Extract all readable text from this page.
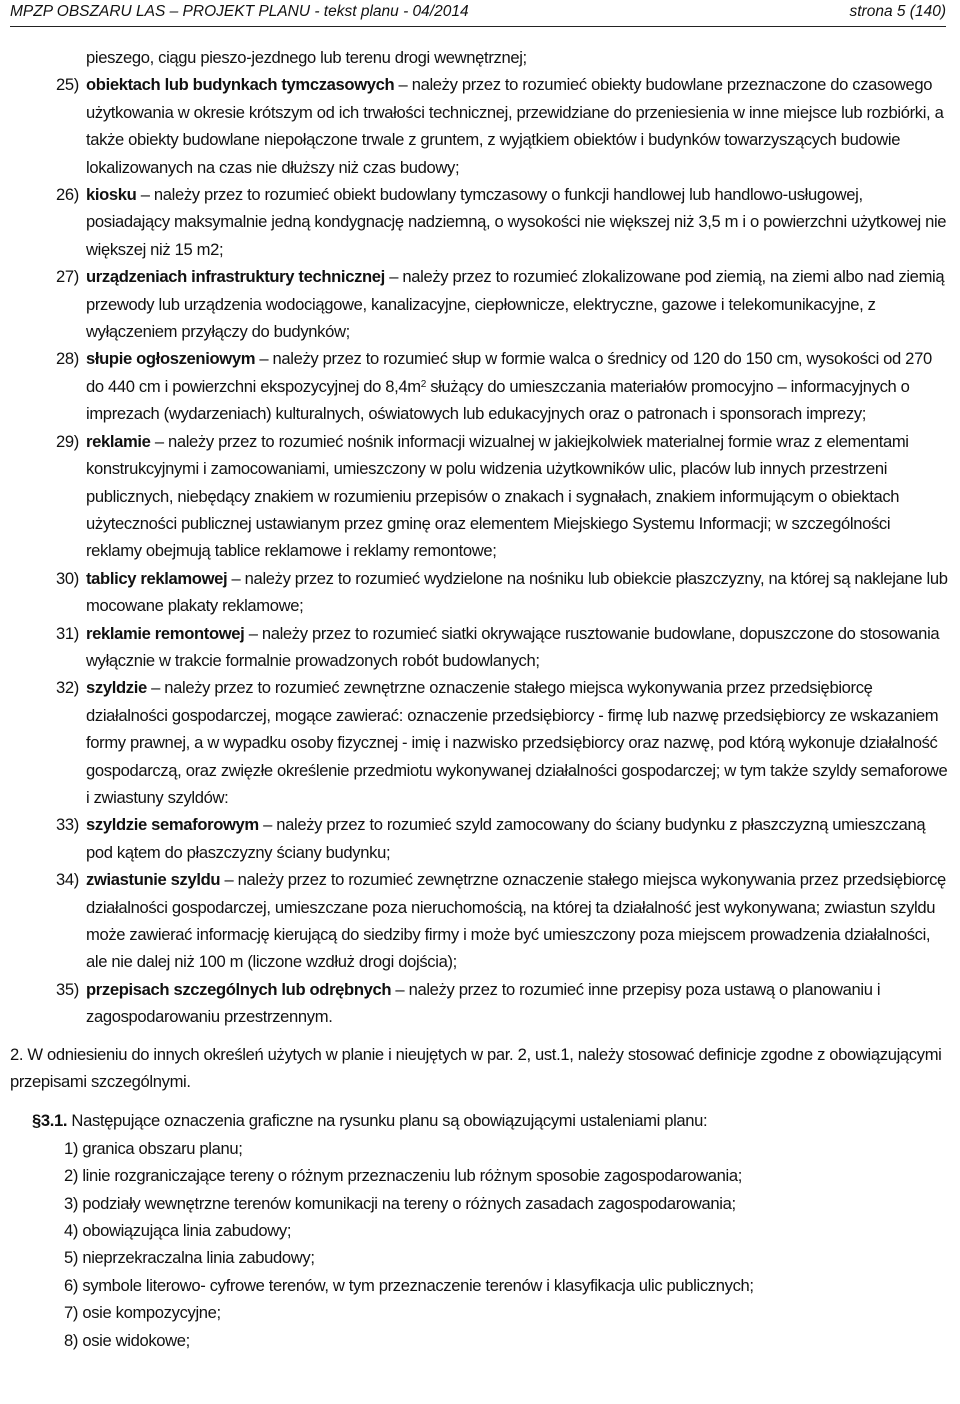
MPZP OBSZARU LAS – PROJEKT PLANU - tekst planu - 04/2014	strona 5 (140)
pieszego, ciągu pieszo-jezdnego lub terenu drogi wewnętrznej;
25) obiektach lub budynkach tymczasowych – należy przez to rozumieć obiekty budowlane przeznaczone do czasowego użytkowania w okresie krótszym od ich trwałości technicznej, przewidziane do przeniesienia w inne miejsce lub rozbiórki, a także obiekty budowlane niepołączone trwale z gruntem, z wyjątkiem obiektów i budynków towarzyszących budowie lokalizowanych na czas nie dłuższy niż czas budowy;
26) kiosku – należy przez to rozumieć obiekt budowlany tymczasowy o funkcji handlowej lub handlowo-usługowej, posiadający maksymalnie jedną kondygnację nadziemną, o wysokości nie większej niż 3,5 m i o powierzchni użytkowej nie większej niż 15 m2;
27) urządzeniach infrastruktury technicznej – należy przez to rozumieć zlokalizowane pod ziemią, na ziemi albo nad ziemią przewody lub urządzenia wodociągowe, kanalizacyjne, ciepłownicze, elektryczne, gazowe i telekomunikacyjne, z wyłączeniem przyłączy do budynków;
28) słupie ogłoszeniowym – należy przez to rozumieć słup w formie walca o średnicy od 120 do 150 cm, wysokości od 270 do 440 cm i powierzchni ekspozycyjnej do $8,4m^2$ służący do umieszczania materiałów promocyjno – informacyjnych o imprezach (wydarzeniach) kulturalnych, oświatowych lub edukacyjnych oraz o patronach i sponsorach imprezy;
29) reklamie – należy przez to rozumieć nośnik informacji wizualnej w jakiejkolwiek materialnej formie wraz z elementami konstrukcyjnymi i zamocowaniami, umieszczony w polu widzenia użytkowników ulic, placów lub innych przestrzeni publicznych, niebędący znakiem w rozumieniu przepisów o znakach i sygnałach, znakiem informującym o obiektach użyteczności publicznej ustawianym przez gminę oraz elementem Miejskiego Systemu Informacji; w szczególności reklamy obejmują tablice reklamowe i reklamy remontowe;
30) tablicy reklamowej – należy przez to rozumieć wydzielone na nośniku lub obiekcie płaszczyzny, na której są naklejane lub mocowane plakaty reklamowe;
31) reklamie remontowej – należy przez to rozumieć siatki okrywające rusztowanie budowlane, dopuszczone do stosowania wyłącznie w trakcie formalnie prowadzonych robót budowlanych;
32) szyldzie – należy przez to rozumieć zewnętrzne oznaczenie stałego miejsca wykonywania przez przedsiębiorcę działalności gospodarczej, mogące zawierać: oznaczenie przedsiębiorcy - firmę lub nazwę przedsiębiorcy ze wskazaniem formy prawnej, a w wypadku osoby fizycznej - imię i nazwisko przedsiębiorcy oraz nazwę, pod którą wykonuje działalność gospodarczą, oraz zwięzłe określenie przedmiotu wykonywanej działalności gospodarczej; w tym także szyldy semaforowe i zwiastuny szyldów:
33) szyldzie semaforowym – należy przez to rozumieć szyld zamocowany do ściany budynku z płaszczyzną umieszczaną pod kątem do płaszczyzny ściany budynku;
34) zwiastunie szyldu – należy przez to rozumieć zewnętrzne oznaczenie stałego miejsca wykonywania przez przedsiębiorcę działalności gospodarczej, umieszczane poza nieruchomością, na której ta działalność jest wykonywana; zwiastun szyldu może zawierać informację kierującą do siedziby firmy i może być umieszczony poza miejscem prowadzenia działalności, ale nie dalej niż 100 m (liczone wzdłuż drogi dojścia);
35) przepisach szczególnych lub odrębnych – należy przez to rozumieć inne przepisy poza ustawą o planowaniu i zagospodarowaniu przestrzennym.
2. W odniesieniu do innych określeń użytych w planie i nieujętych w par. 2, ust.1, należy stosować definicje zgodne z obowiązującymi przepisami szczególnymi.
§3.1. Następujące oznaczenia graficzne na rysunku planu są obowiązującymi ustaleniami planu:
1) granica obszaru planu;
2) linie rozgraniczające tereny o różnym przeznaczeniu lub różnym sposobie zagospodarowania;
3) podziały wewnętrzne terenów komunikacji na tereny o różnych zasadach zagospodarowania;
4) obowiązująca linia zabudowy;
5) nieprzekraczalna linia zabudowy;
6) symbole literowo- cyfrowe terenów, w tym przeznaczenie terenów i klasyfikacja ulic publicznych;
7) osie kompozycyjne;
8) osie widokowe;
